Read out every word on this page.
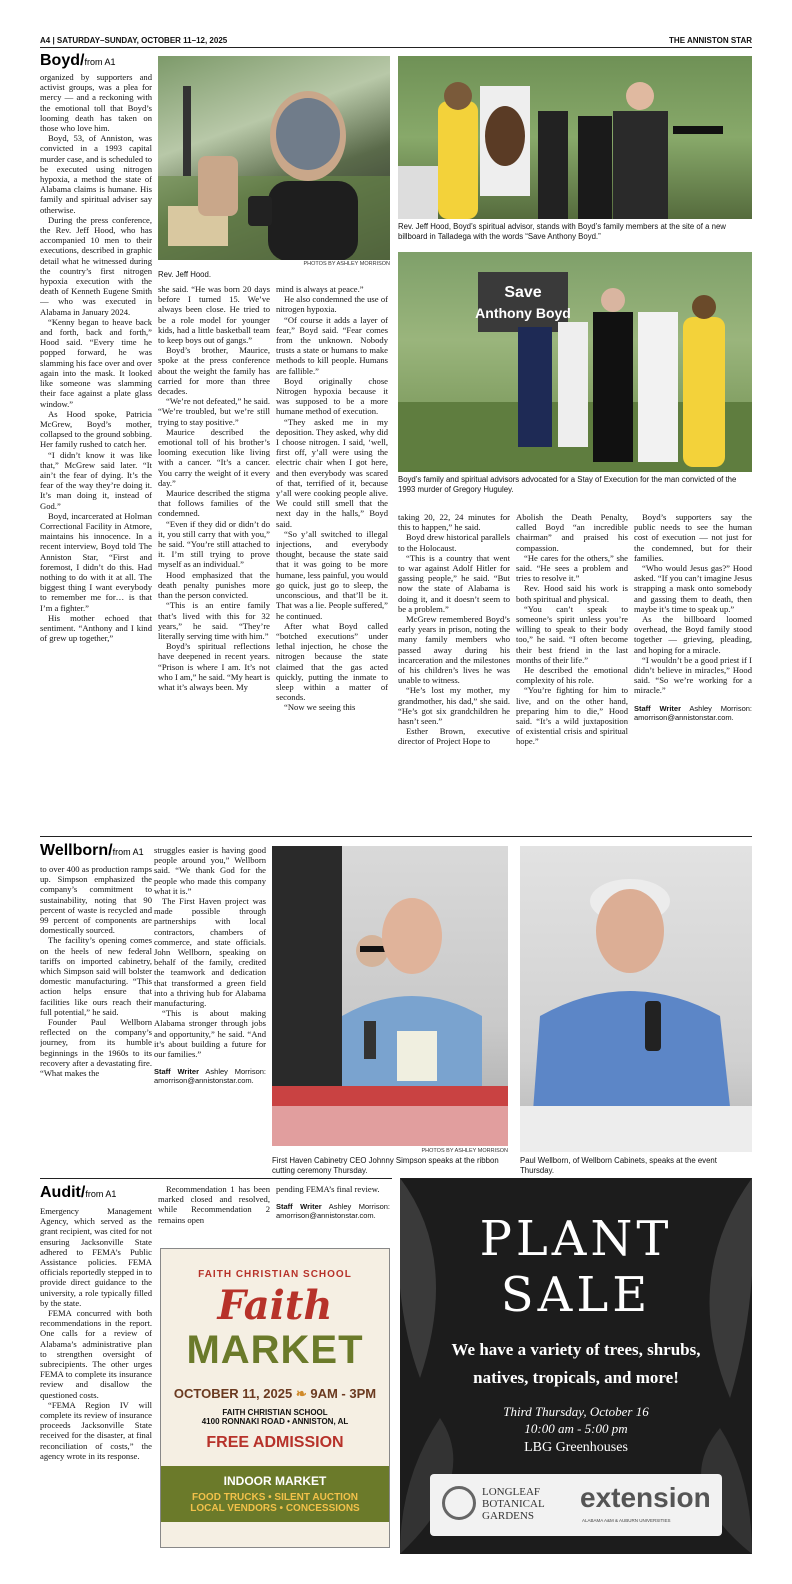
A4 | SATURDAY–SUNDAY, OCTOBER 11–12, 2025	THE ANNISTON STAR
Boyd/from A1

organized by supporters and activist groups, was a plea for mercy — and a reckoning with the emotional toll that Boyd’s looming death has taken on those who love him.

Boyd, 53, of Anniston, was convicted in a 1993 capital murder case, and is scheduled to be executed using nitrogen hypoxia, a method the state of Alabama claims is humane. His family and spiritual adviser say otherwise.

During the press conference, the Rev. Jeff Hood, who has accompanied 10 men to their executions, described in graphic detail what he witnessed during the country’s first nitrogen hypoxia execution with the death of Kenneth Eugene Smith — who was executed in Alabama in January 2024.

“Kenny began to heave back and forth, back and forth,” Hood said. “Every time he popped forward, he was slamming his face over and over again into the mask. It looked like someone was slamming their face against a plate glass window.”

As Hood spoke, Patricia McGrew, Boyd’s mother, collapsed to the ground sobbing. Her family rushed to catch her.

“I didn’t know it was like that,” McGrew said later. “It ain’t the fear of dying. It’s the fear of the way they’re doing it. It’s man doing it, instead of God.”

Boyd, incarcerated at Holman Correctional Facility in Atmore, maintains his innocence. In a recent interview, Boyd told The Anniston Star, “First and foremost, I didn’t do this. Had nothing to do with it at all. The biggest thing I want everybody to remember me for… is that I’m a fighter.”

His mother echoed that sentiment. “Anthony and I kind of grew up together,”

PHOTOS BY ASHLEY MORRISON
Rev. Jeff Hood.
Rev. Jeff Hood, Boyd’s spiritual advisor, stands with Boyd’s family members at the site of a new billboard in Talladega with the words “Save Anthony Boyd.”
Save
Anthony Boyd
Boyd’s family and spiritual advisors advocated for a Stay of Execution for the man convicted of the 1993 murder of Gregory Huguley.

she said. “He was born 20 days before I turned 15. We’ve always been close. He tried to be a role model for younger kids, had a little basketball team to keep boys out of gangs.”

Boyd’s brother, Maurice, spoke at the press conference about the weight the family has carried for more than three decades.

“We’re not defeated,” he said. “We’re troubled, but we’re still trying to stay positive.”

Maurice described the emotional toll of his brother’s looming execution like living with a cancer. “It’s a cancer. You carry the weight of it every day.”

Maurice described the stigma that follows families of the condemned.

“Even if they did or didn’t do it, you still carry that with you,” he said. “You’re still attached to it. I’m still trying to prove myself as an individual.”

Hood emphasized that the death penalty punishes more than the person convicted.

“This is an entire family that’s lived with this for 32 years,” he said. “They’re literally serving time with him.”

Boyd’s spiritual reflections have deepened in recent years. “Prison is where I am. It’s not who I am,” he said. “My heart is what it’s always been. My

mind is always at peace.”

He also condemned the use of nitrogen hypoxia.

“Of course it adds a layer of fear,” Boyd said. “Fear comes from the unknown. Nobody trusts a state or humans to make methods to kill people. Humans are fallible.”

Boyd originally chose Nitrogen hypoxia because it was supposed to be a more humane method of execution.

“They asked me in my deposition. They asked, why did I choose nitrogen. I said, ‘well, first off, y’all were using the electric chair when I got here, and then everybody was scared of that, terrified of it, because y’all were cooking people alive. We could still smell that the next day in the halls,” Boyd said.

“So y’all switched to illegal injections, and everybody thought, because the state said that it was going to be more humane, less painful, you would go quick, just go to sleep, the unconscious, and that’ll be it. That was a lie. People suffered,” he continued.

After what Boyd called “botched executions” under lethal injection, he chose the nitrogen because the state claimed that the gas acted quickly, putting the inmate to sleep within a matter of seconds.

“Now we seeing this

taking 20, 22, 24 minutes for this to happen,” he said.

Boyd drew historical parallels to the Holocaust.

“This is a country that went to war against Adolf Hitler for gassing people,” he said. “But now the state of Alabama is doing it, and it doesn’t seem to be a problem.”

McGrew remembered Boyd’s early years in prison, noting the many family members who passed away during his incarceration and the milestones of his children’s lives he was unable to witness.

“He’s lost my mother, my grandmother, his dad,” she said. “He’s got six grandchildren he hasn’t seen.”

Esther Brown, executive director of Project Hope to

Abolish the Death Penalty, called Boyd “an incredible chairman” and praised his compassion.

“He cares for the others,” she said. “He sees a problem and tries to resolve it.”

Rev. Hood said his work is both spiritual and physical.

“You can’t speak to someone’s spirit unless you’re willing to speak to their body too,” he said. “I often become their best friend in the last months of their life.”

He described the emotional complexity of his role.

“You’re fighting for him to live, and on the other hand, preparing him to die,” Hood said. “It’s a wild juxtaposition of existential crisis and spiritual hope.”

Boyd’s supporters say the public needs to see the human cost of execution — not just for the condemned, but for their families.

“Who would Jesus gas?” Hood asked. “If you can’t imagine Jesus strapping a mask onto somebody and gassing them to death, then maybe it’s time to speak up.”

As the billboard loomed overhead, the Boyd family stood together — grieving, pleading, and hoping for a miracle.

“I wouldn’t be a good priest if I didn’t believe in miracles,” Hood said. “So we’re working for a miracle.”

Staff Writer Ashley Morrison: amorrison@annistonstar.com.

Wellborn/from A1

to over 400 as production ramps up. Simpson emphasized the company’s commitment to sustainability, noting that 90 percent of waste is recycled and 99 percent of components are domestically sourced.

The facility’s opening comes on the heels of new federal tariffs on imported cabinetry, which Simpson said will bolster domestic manufacturing. “This action helps ensure that facilities like ours reach their full potential,” he said.

Founder Paul Wellborn reflected on the company’s journey, from its humble beginnings in the 1960s to its recovery after a devastating fire. “What makes the

struggles easier is having good people around you,” Wellborn said. “We thank God for the people who made this company what it is.”

The First Haven project was made possible through partnerships with local contractors, chambers of commerce, and state officials. John Wellborn, speaking on behalf of the family, credited the teamwork and dedication that transformed a green field into a thriving hub for Alabama manufacturing.

“This is about making Alabama stronger through jobs and opportunity,” he said. “And it’s about building a future for our families.”

Staff Writer Ashley Morrison: amorrison@annistonstar.com.

PHOTOS BY ASHLEY MORRISON
First Haven Cabinetry CEO Johnny Simpson speaks at the ribbon cutting ceremony Thursday.
Paul Wellborn, of Wellborn Cabinets, speaks at the event Thursday.
Audit/from A1

Emergency Management Agency, which served as the grant recipient, was cited for not ensuring Jacksonville State adhered to FEMA’s Public Assistance policies. FEMA officials reportedly stepped in to provide direct guidance to the university, a role typically filled by the state.

FEMA concurred with both recommendations in the report. One calls for a review of Alabama’s administrative plan to strengthen oversight of subrecipients. The other urges FEMA to complete its insurance review and disallow the questioned costs.

“FEMA Region IV will complete its review of insurance proceeds Jacksonville State received for the disaster, at final reconciliation of costs,” the agency wrote in its response.

Recommendation 1 has been marked closed and resolved, while Recommendation 2 remains open

pending FEMA’s final review.

Staff Writer Ashley Morrison: amorrison@annistonstar.com.

FAITH CHRISTIAN SCHOOL
Faith
MARKET
OCTOBER 11, 2025 ❧ 9AM - 3PM
FAITH CHRISTIAN SCHOOL
4100 RONNAKI ROAD • ANNISTON, AL
FREE ADMISSION
INDOOR MARKET
FOOD TRUCKS • SILENT AUCTION
LOCAL VENDORS • CONCESSIONS
PLANT
SALE
We have a variety of trees, shrubs,
natives, tropicals, and more!
Third Thursday, October 16
10:00 am - 5:00 pm
LBG Greenhouses
LONGLEAF
BOTANICAL
GARDENS
extension
ALABAMA A&M & AUBURN UNIVERSITIES
